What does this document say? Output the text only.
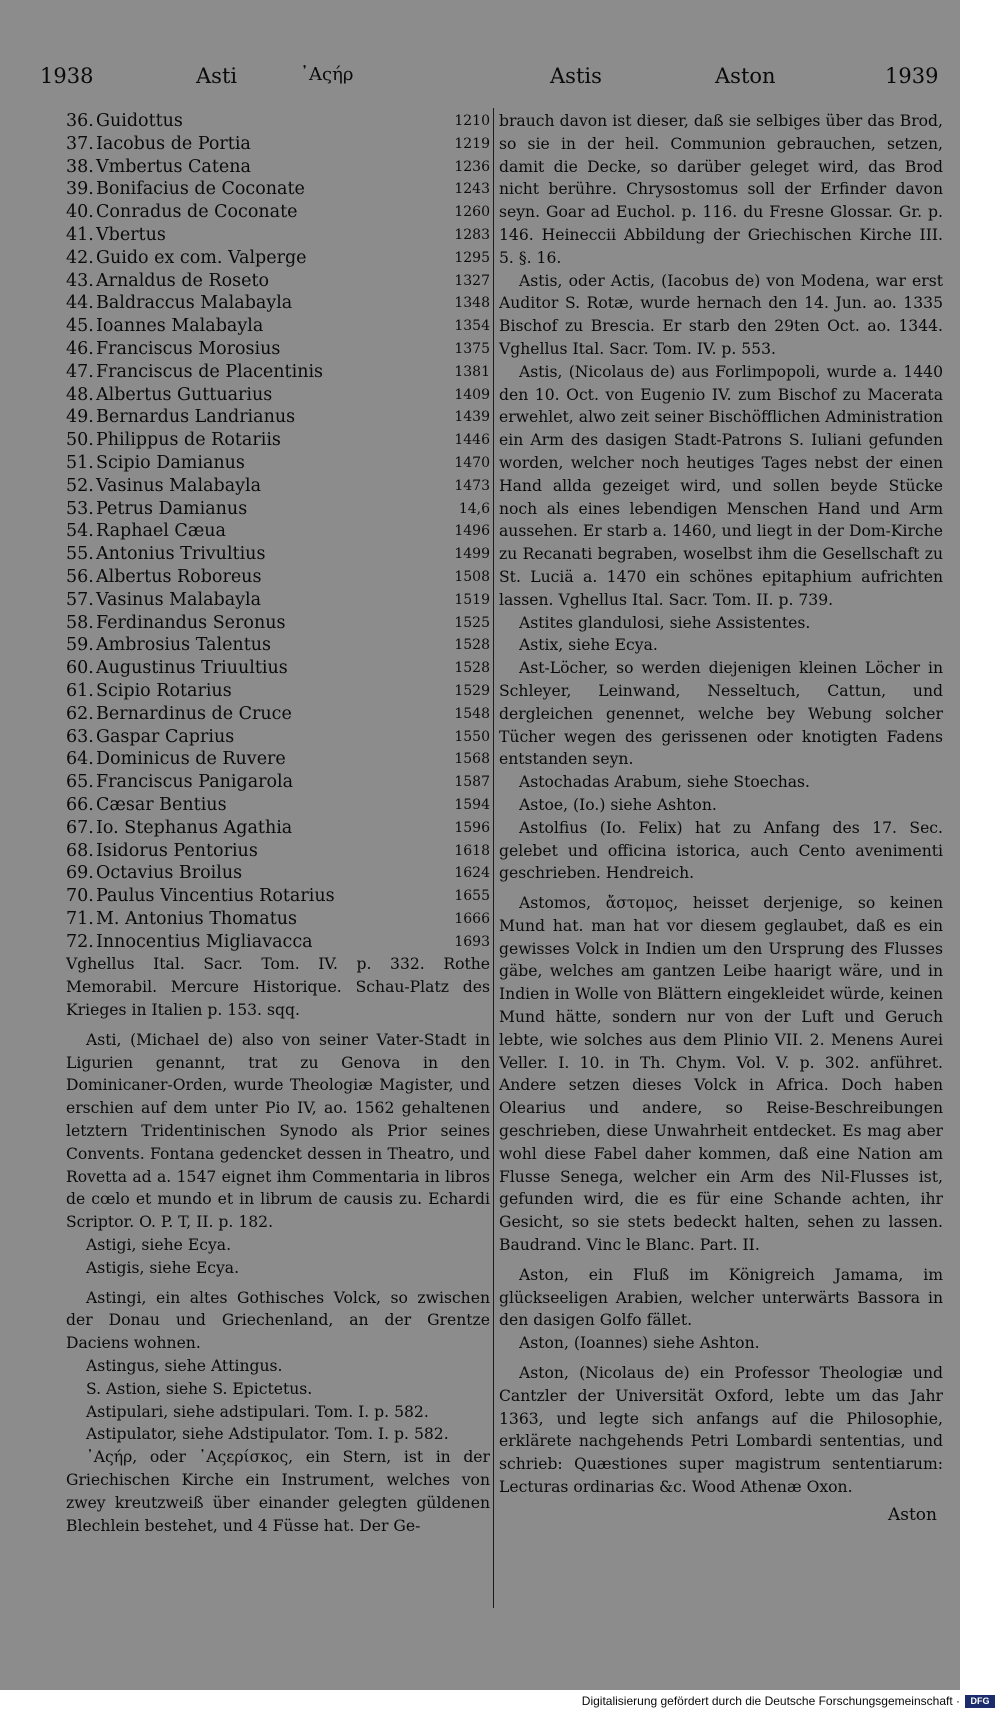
1938	Asti	᾿Αςήρ	Astis	Aston	1939
36. Guidottus	1210
37. Iacobus de Portia	1219
38. Vmbertus Catena	1236
39. Bonifacius de Coconate	1243
40. Conradus de Coconate	1260
41. Vbertus	1283
42. Guido ex com. Valperge	1295
43. Arnaldus de Roseto	1327
44. Baldraccus Malabayla	1348
45. Ioannes Malabayla	1354
46. Franciscus Morosius	1375
47. Franciscus de Placentinis	1381
48. Albertus Guttuarius	1409
49. Bernardus Landrianus	1439
50. Philippus de Rotariis	1446
51. Scipio Damianus	1470
52. Vasinus Malabayla	1473
53. Petrus Damianus	14,6
54. Raphael Cæua	1496
55. Antonius Trivultius	1499
56. Albertus Roboreus	1508
57. Vasinus Malabayla	1519
58. Ferdinandus Seronus	1525
59. Ambrosius Talentus	1528
60. Augustinus Triuultius	1528
61. Scipio Rotarius	1529
62. Bernardinus de Cruce	1548
63. Gaspar Caprius	1550
64. Dominicus de Ruvere	1568
65. Franciscus Panigarola	1587
66. Cæsar Bentius	1594
67. Io. Stephanus Agathia	1596
68. Isidorus Pentorius	1618
69. Octavius Broilus	1624
70. Paulus Vincentius Rotarius	1655
71. M. Antonius Thomatus	1666
72. Innocentius Migliavacca	1693
Vghellus Ital. Sacr. Tom. IV. p. 332. Rothe Memorabil. Mercure Historique. Schau-Platz des Krieges in Italien p. 153. sqq.
Asti, (Michael de) also von seiner Vater-Stadt in Ligurien genannt, trat zu Genova in den Dominicaner-Orden, wurde Theologiæ Magister, und erschien auf dem unter Pio IV, ao. 1562 gehaltenen letztern Tridentinischen Synodo als Prior seines Convents. Fontana gedencket dessen in Theatro, und Rovetta ad a. 1547 eignet ihm Commentaria in libros de cœlo et mundo et in librum de causis zu. Echardi Scriptor. O. P. T, II. p. 182.
Astigi, siehe Ecya.
Astigis, siehe Ecya.
Astingi, ein altes Gothisches Volck, so zwischen der Donau und Griechenland, an der Grentze Daciens wohnen.
Astingus, siehe Attingus.
S. Astion, siehe S. Epictetus.
Astipulari, siehe adstipulari. Tom. I. p. 582.
Astipulator, siehe Adstipulator. Tom. I. p. 582.
᾿Αςήρ, oder ᾿Αςερίσκος, ein Stern, ist in der Griechischen Kirche ein Instrument, welches von zwey kreutzweiß über einander gelegten güldenen Blechlein bestehet, und 4 Füsse hat. Der Ge-
brauch davon ist dieser, daß sie selbiges über das Brod, so sie in der heil. Communion gebrauchen, setzen, damit die Decke, so darüber geleget wird, das Brod nicht berühre. Chrysostomus soll der Erfinder davon seyn. Goar ad Euchol. p. 116. du Fresne Glossar. Gr. p. 146. Heineccii Abbildung der Griechischen Kirche III. 5. §. 16.
Astis, oder Actis, (Iacobus de) von Modena, war erst Auditor S. Rotæ, wurde hernach den 14. Jun. ao. 1335 Bischof zu Brescia. Er starb den 29ten Oct. ao. 1344. Vghellus Ital. Sacr. Tom. IV. p. 553.
Astis, (Nicolaus de) aus Forlimpopoli, wurde a. 1440 den 10. Oct. von Eugenio IV. zum Bischof zu Macerata erwehlet, alwo zeit seiner Bischöfflichen Administration ein Arm des dasigen Stadt-Patrons S. Iuliani gefunden worden, welcher noch heutiges Tages nebst der einen Hand allda gezeiget wird, und sollen beyde Stücke noch als eines lebendigen Menschen Hand und Arm aussehen. Er starb a. 1460, und liegt in der Dom-Kirche zu Recanati begraben, woselbst ihm die Gesellschaft zu St. Luciä a. 1470 ein schönes epitaphium aufrichten lassen. Vghellus Ital. Sacr. Tom. II. p. 739.
Astites glandulosi, siehe Assistentes.
Astix, siehe Ecya.
Ast-Löcher, so werden diejenigen kleinen Löcher in Schleyer, Leinwand, Nesseltuch, Cattun, und dergleichen genennet, welche bey Webung solcher Tücher wegen des gerissenen oder knotigten Fadens entstanden seyn.
Astochadas Arabum, siehe Stoechas.
Astoe, (Io.) siehe Ashton.
Astolfius (Io. Felix) hat zu Anfang des 17. Sec. gelebet und officina istorica, auch Cento avenimenti geschrieben. Hendreich.
Astomos, ἄστομος, heisset derjenige, so keinen Mund hat. man hat vor diesem geglaubet, daß es ein gewisses Volck in Indien um den Ursprung des Flusses gäbe, welches am gantzen Leibe haarigt wäre, und in Indien in Wolle von Blättern eingekleidet würde, keinen Mund hätte, sondern nur von der Luft und Geruch lebte, wie solches aus dem Plinio VII. 2. Menens Aurei Veller. I. 10. in Th. Chym. Vol. V. p. 302. anführet. Andere setzen dieses Volck in Africa. Doch haben Olearius und andere, so Reise-Beschreibungen geschrieben, diese Unwahrheit entdecket. Es mag aber wohl diese Fabel daher kommen, daß eine Nation am Flusse Senega, welcher ein Arm des Nil-Flusses ist, gefunden wird, die es für eine Schande achten, ihr Gesicht, so sie stets bedeckt halten, sehen zu lassen. Baudrand. Vinc le Blanc. Part. II.
Aston, ein Fluß im Königreich Jamama, im glückseeligen Arabien, welcher unterwärts Bassora in den dasigen Golfo fället.
Aston, (Ioannes) siehe Ashton.
Aston, (Nicolaus de) ein Professor Theologiæ und Cantzler der Universität Oxford, lebte um das Jahr 1363, und legte sich anfangs auf die Philosophie, erklärete nachgehends Petri Lombardi sententias, und schrieb: Quæstiones super magistrum sententiarum: Lecturas ordinarias &c. Wood Athenæ Oxon.
Aston
Digitalisierung gefördert durch die Deutsche Forschungsgemeinschaft ·	DFG
